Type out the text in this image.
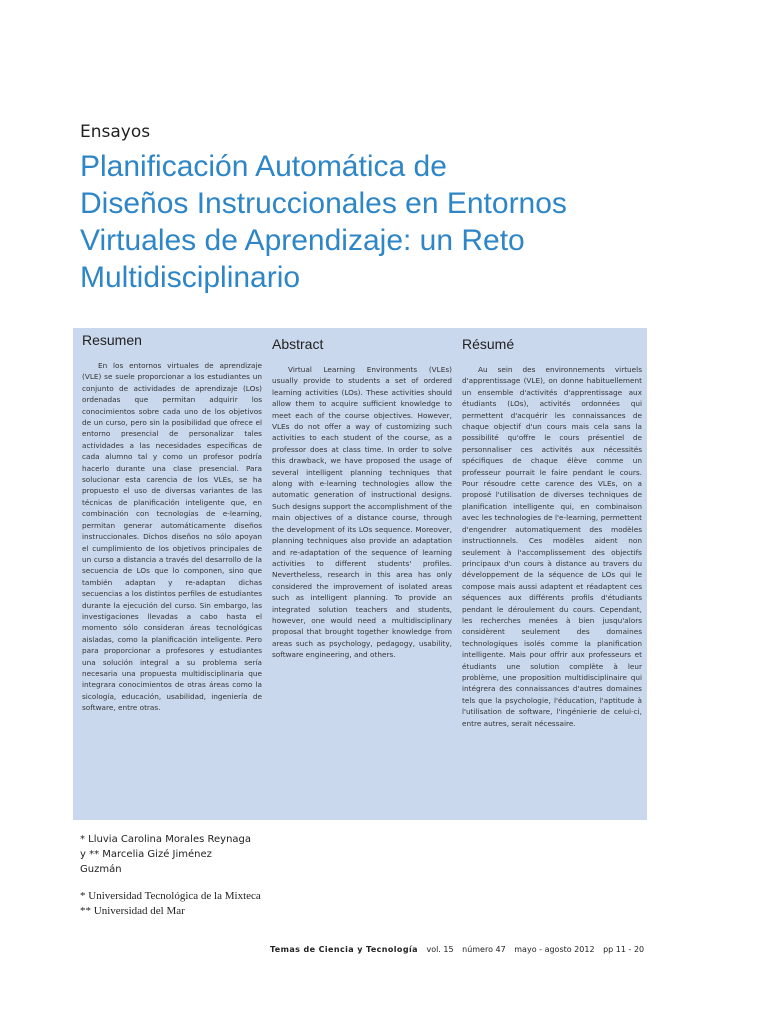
Ensayos
Planificación Automática de
Diseños Instruccionales en Entornos
Virtuales de Aprendizaje: un Reto
Multidisciplinario
Resumen

En los entornos virtuales de aprendizaje (VLE) se suele proporcionar a los estudiantes un conjunto de actividades de aprendizaje (LOs) ordenadas que permitan adquirir los conocimientos sobre cada uno de los objetivos de un curso, pero sin la posibilidad que ofrece el entorno presencial de personalizar tales actividades a las necesidades específicas de cada alumno tal y como un profesor podría hacerlo durante una clase presencial. Para solucionar esta carencia de los VLEs, se ha propuesto el uso de diversas variantes de las técnicas de planificación inteligente que, en combinación con tecnologías de e-learning, permitan generar automáticamente diseños instruccionales. Dichos diseños no sólo apoyan el cumplimiento de los objetivos principales de un curso a distancia a través del desarrollo de la secuencia de LOs que lo componen, sino que también adaptan y re-adaptan dichas secuencias a los distintos perfiles de estudiantes durante la ejecución del curso. Sin embargo, las investigaciones llevadas a cabo hasta el momento sólo consideran áreas tecnológicas aisladas, como la planificación inteligente. Pero para proporcionar a profesores y estudiantes una solución integral a su problema sería necesaria una propuesta multidisciplinaria que integrara conocimientos de otras áreas como la sicología, educación, usabilidad, ingeniería de software, entre otras.

Abstract

Virtual Learning Environments (VLEs) usually provide to students a set of ordered learning activities (LOs). These activities should allow them to acquire sufficient knowledge to meet each of the course objectives. However, VLEs do not offer a way of customizing such activities to each student of the course, as a professor does at class time. In order to solve this drawback, we have proposed the usage of several intelligent planning techniques that along with e-learning technologies allow the automatic generation of instructional designs. Such designs support the accomplishment of the main objectives of a distance course, through the development of its LOs sequence. Moreover, planning techniques also provide an adaptation and re-adaptation of the sequence of learning activities to different students' profiles. Nevertheless, research in this area has only considered the improvement of isolated areas such as intelligent planning. To provide an integrated solution teachers and students, however, one would need a multidisciplinary proposal that brought together knowledge from areas such as psychology, pedagogy, usability, software engineering, and others.

Résumé

Au sein des environnements virtuels d'apprentissage (VLE), on donne habituellement un ensemble d'activités d'apprentissage aux étudiants (LOs), activités ordonnées qui permettent d'acquérir les connaissances de chaque objectif d'un cours mais cela sans la possibilité qu'offre le cours présentiel de personnaliser ces activités aux nécessités spécifiques de chaque élève comme un professeur pourrait le faire pendant le cours. Pour résoudre cette carence des VLEs, on a proposé l'utilisation de diverses techniques de planification intelligente qui, en combinaison avec les technologies de l'e-learning, permettent d'engendrer automatiquement des modèles instructionnels. Ces modèles aident non seulement à l'accomplissement des objectifs principaux d'un cours à distance au travers du développement de la séquence de LOs qui le compose mais aussi adaptent et réadaptent ces séquences aux différents profils d'étudiants pendant le déroulement du cours. Cependant, les recherches menées à bien jusqu'alors considèrent seulement des domaines technologiques isolés comme la planification intelligente. Mais pour offrir aux professeurs et étudiants une solution complète à leur problème, une proposition multidisciplinaire qui intégrera des connaissances d'autres domaines tels que la psychologie, l'éducation, l'aptitude à l'utilisation de software, l'ingénierie de celui-ci, entre autres, serait nécessaire.

* Lluvia Carolina Morales Reynaga
y ** Marcelia Gizé Jiménez
Guzmán
* Universidad Tecnológica de la Mixteca
** Universidad del Mar
Temas de Ciencia y Tecnología vol. 15 número 47 mayo - agosto 2012 pp 11 - 20
